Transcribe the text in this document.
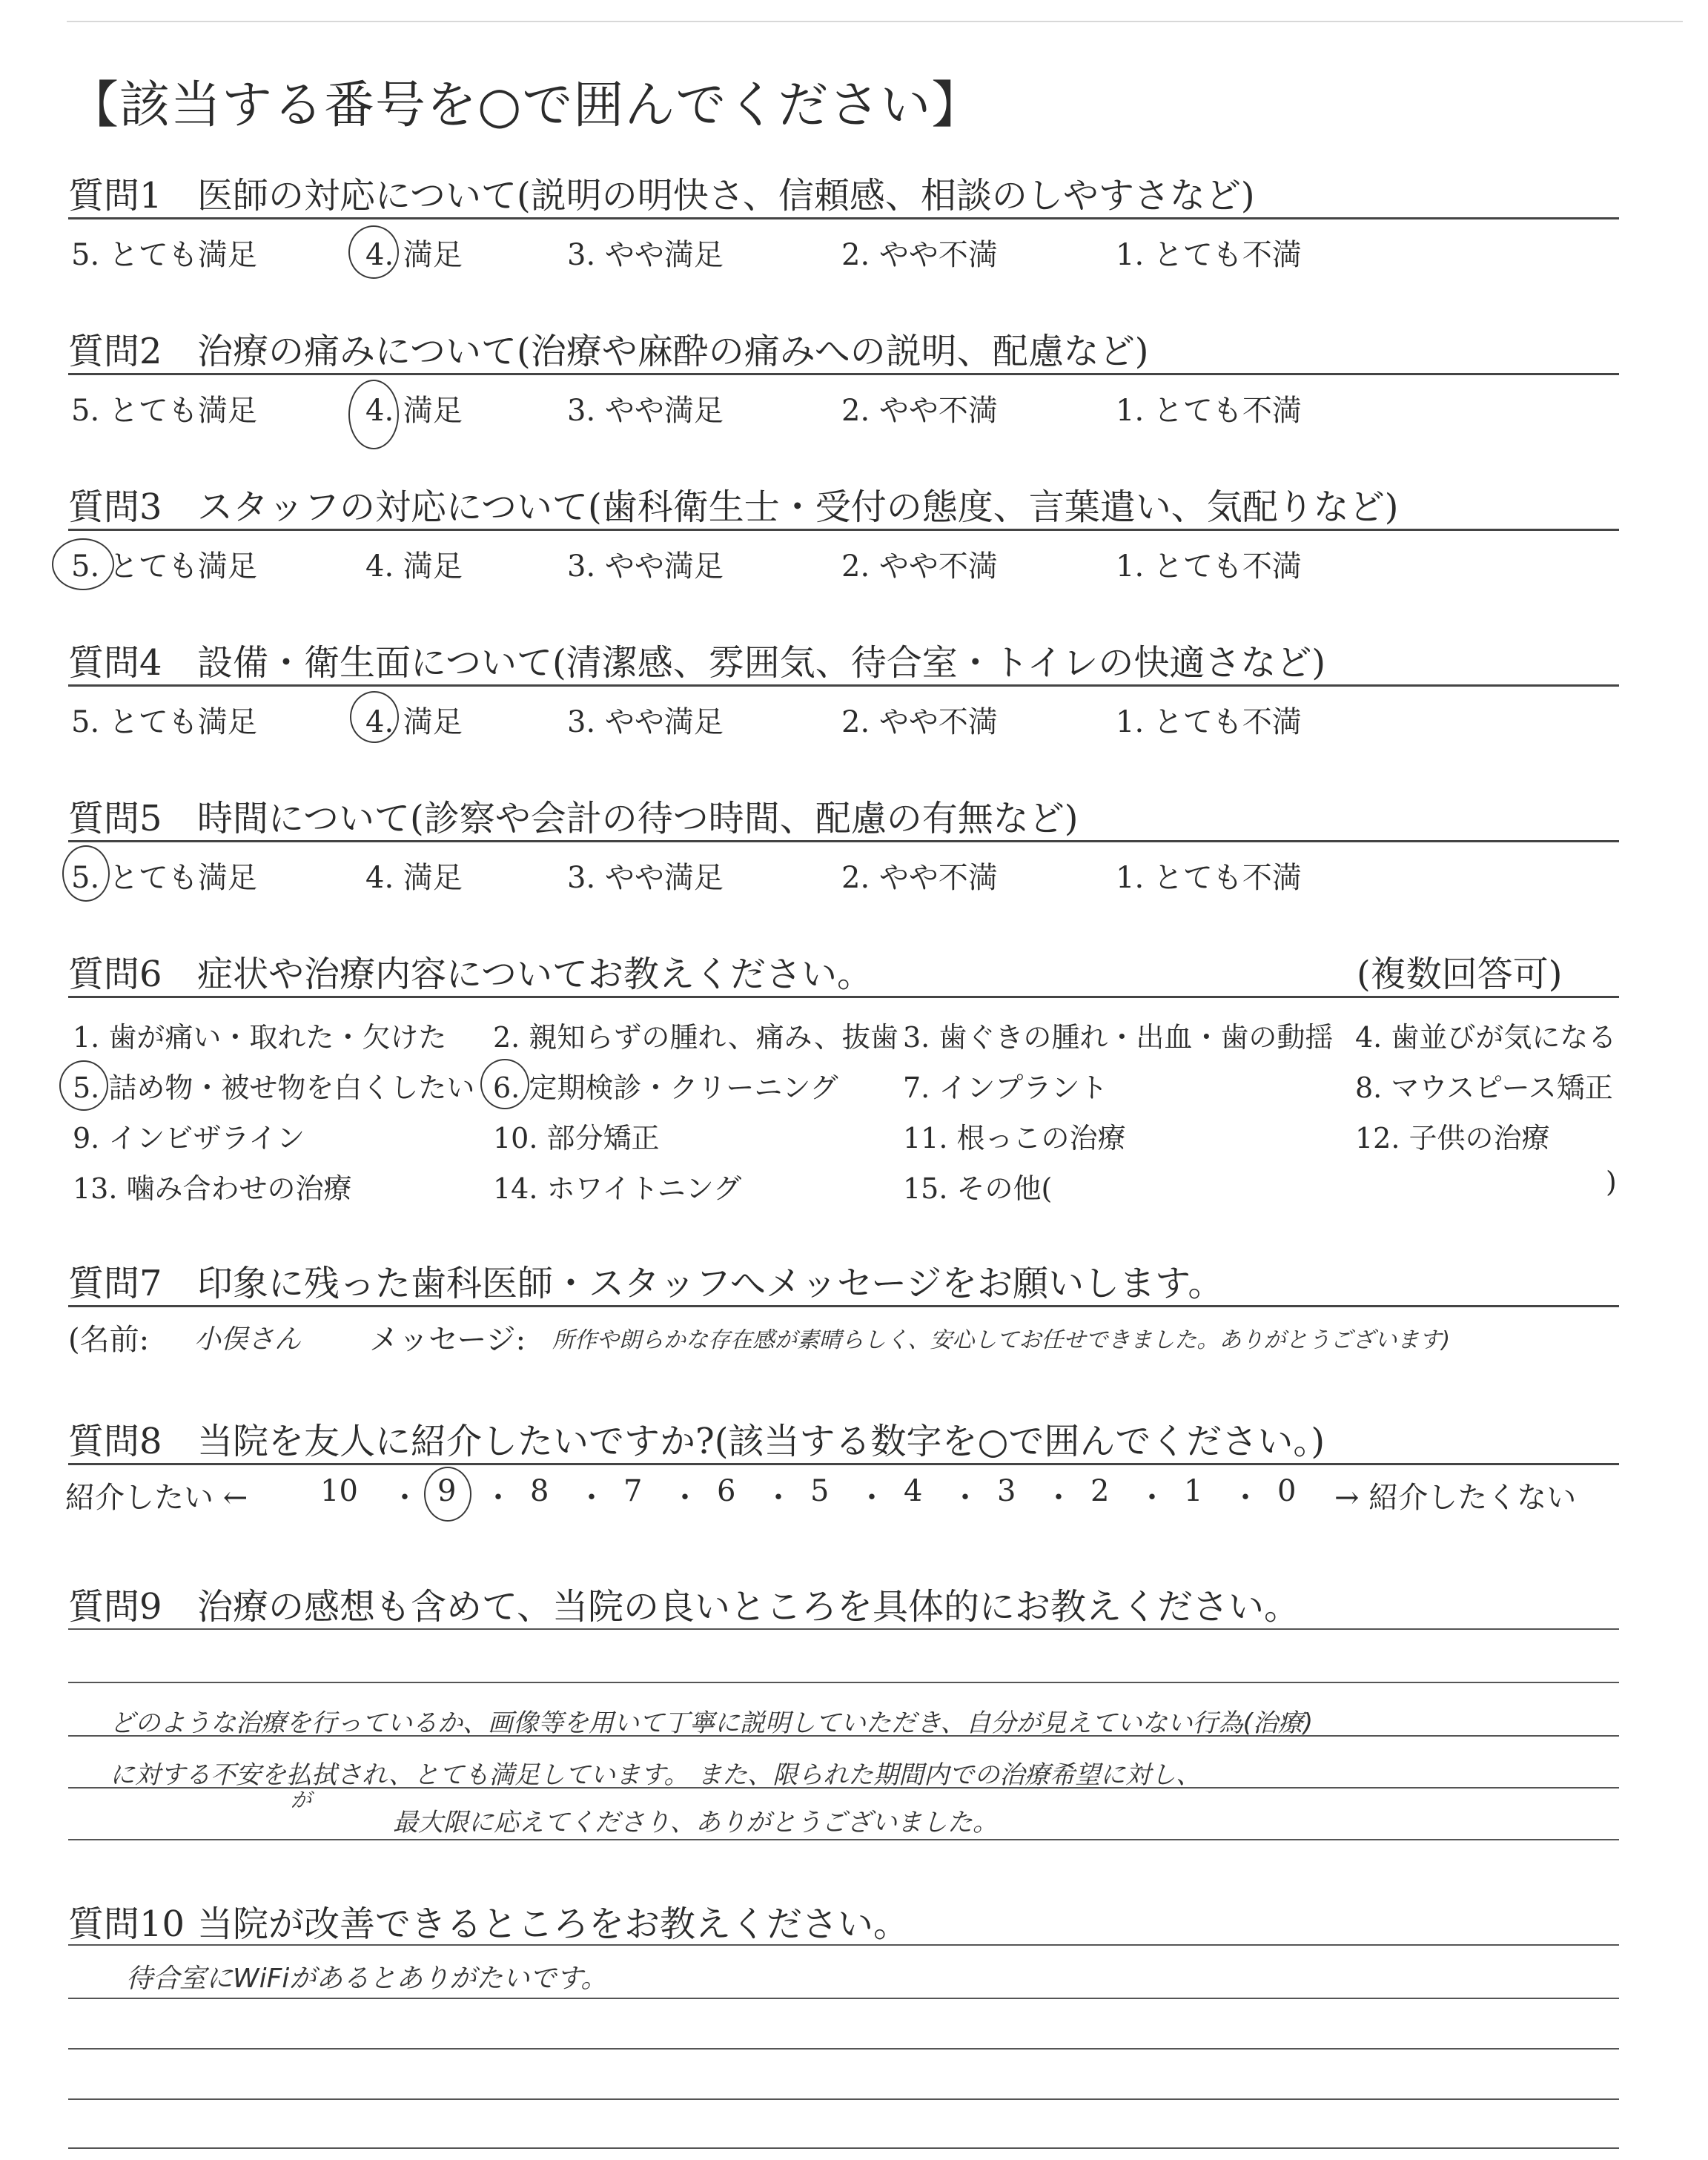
【該当する番号を○で囲んでください】
質問1 医師の対応について(説明の明快さ、信頼感、相談のしやすさなど)
5. とても満足	4. 満足	3. やや満足	2. やや不満	1. とても不満
質問2 治療の痛みについて(治療や麻酔の痛みへの説明、配慮など)
5. とても満足	4. 満足	3. やや満足	2. やや不満	1. とても不満
質問3 スタッフの対応について(歯科衛生士・受付の態度、言葉遣い、気配りなど)
5. とても満足	4. 満足	3. やや満足	2. やや不満	1. とても不満
質問4 設備・衛生面について(清潔感、雰囲気、待合室・トイレの快適さなど)
5. とても満足	4. 満足	3. やや満足	2. やや不満	1. とても不満
質問5 時間について(診察や会計の待つ時間、配慮の有無など)
5. とても満足	4. 満足	3. やや満足	2. やや不満	1. とても不満
質問6 症状や治療内容についてお教えください。	(複数回答可)
1. 歯が痛い・取れた・欠けた 2. 親知らずの腫れ、痛み、抜歯 3. 歯ぐきの腫れ・出血・歯の動揺 4. 歯並びが気になる
5. 詰め物・被せ物を白くしたい 6. 定期検診・クリーニング 7. インプラント	8. マウスピース矯正
9. インビザライン	10. 部分矯正	11. 根っこの治療	12. 子供の治療
13. 噛み合わせの治療	14. ホワイトニング	15. その他(	)
質問7 印象に残った歯科医師・スタッフへメッセージをお願いします。
(名前: 小俣さん メッセージ: 所作や朗らかな存在感が素晴らしく、安心してお任せできました。ありがとうございます)
質問8 当院を友人に紹介したいですか?(該当する数字を○で囲んでください。)
紹介したい ← 10 ・ 9 ・ 8 ・ 7 ・ 6 ・ 5 ・ 4 ・ 3 ・ 2 ・ 1 ・ 0 → 紹介したくない
質問9 治療の感想も含めて、当院の良いところを具体的にお教えください。
どのような治療を行っているか、画像等を用いて丁寧に説明していただき、自分が見えていない行為(治療)
に対する不安を払拭され、とても満足しています。 また、限られた期間内での治療希望に対し、
が
最大限に応えてくださり、ありがとうございました。
質問10 当院が改善できるところをお教えください。
待合室にWiFiがあるとありがたいです。
